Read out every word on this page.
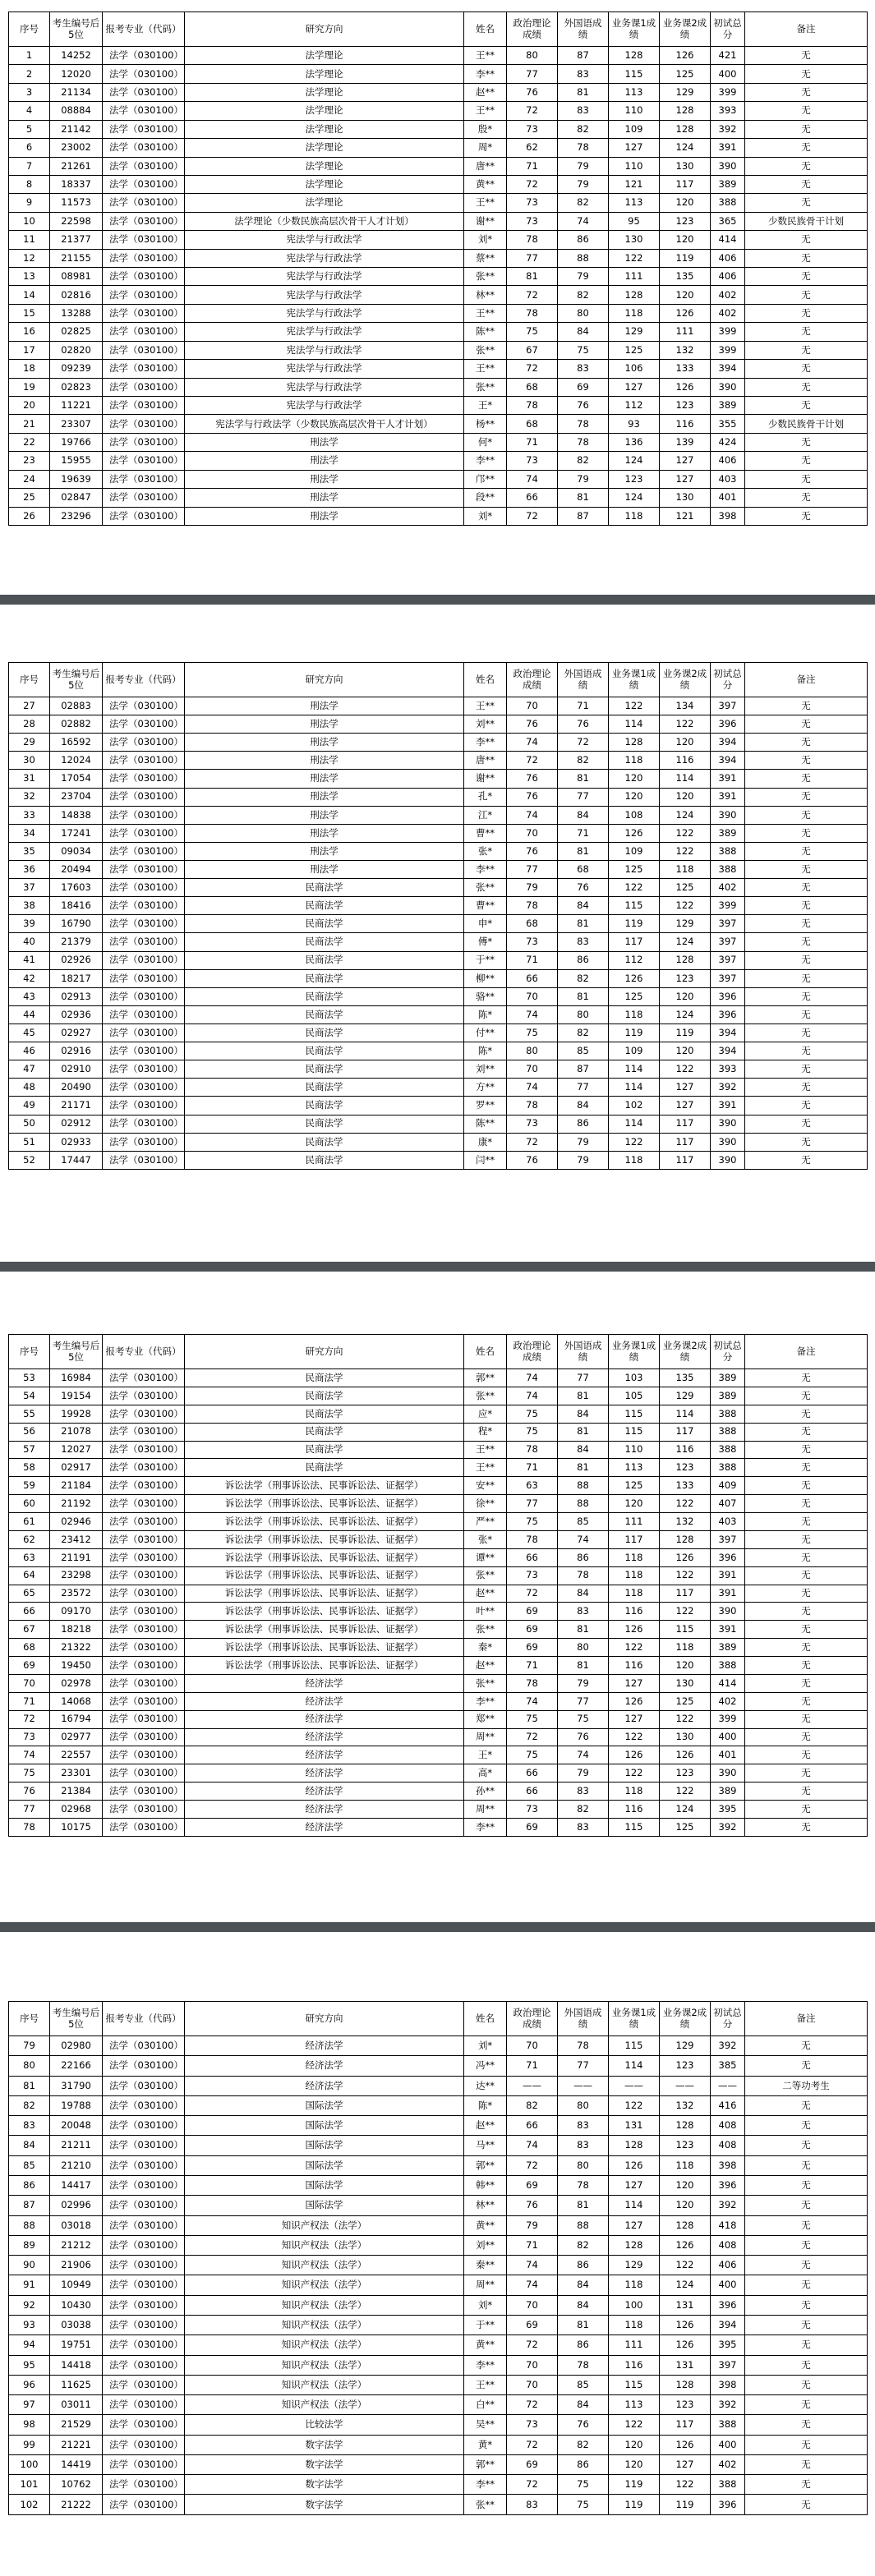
序号	考生编号后5位	报考专业（代码）	研究方向	姓名	政治理论成绩	外国语成绩	业务课1成绩	业务课2成绩	初试总分	备注
1	14252	法学（030100）	法学理论	王**	80	87	128	126	421	无
2	12020	法学（030100）	法学理论	李**	77	83	115	125	400	无
3	21134	法学（030100）	法学理论	赵**	76	81	113	129	399	无
4	08884	法学（030100）	法学理论	王**	72	83	110	128	393	无
5	21142	法学（030100）	法学理论	殷*	73	82	109	128	392	无
6	23002	法学（030100）	法学理论	周*	62	78	127	124	391	无
7	21261	法学（030100）	法学理论	唐**	71	79	110	130	390	无
8	18337	法学（030100）	法学理论	黄**	72	79	121	117	389	无
9	11573	法学（030100）	法学理论	王**	73	82	113	120	388	无
10	22598	法学（030100）	法学理论（少数民族高层次骨干人才计划）	谢**	73	74	95	123	365	少数民族骨干计划
11	21377	法学（030100）	宪法学与行政法学	刘*	78	86	130	120	414	无
12	21155	法学（030100）	宪法学与行政法学	蔡**	77	88	122	119	406	无
13	08981	法学（030100）	宪法学与行政法学	张**	81	79	111	135	406	无
14	02816	法学（030100）	宪法学与行政法学	林**	72	82	128	120	402	无
15	13288	法学（030100）	宪法学与行政法学	王**	78	80	118	126	402	无
16	02825	法学（030100）	宪法学与行政法学	陈**	75	84	129	111	399	无
17	02820	法学（030100）	宪法学与行政法学	张**	67	75	125	132	399	无
18	09239	法学（030100）	宪法学与行政法学	王**	72	83	106	133	394	无
19	02823	法学（030100）	宪法学与行政法学	张**	68	69	127	126	390	无
20	11221	法学（030100）	宪法学与行政法学	王*	78	76	112	123	389	无
21	23307	法学（030100）	宪法学与行政法学（少数民族高层次骨干人才计划）	杨**	68	78	93	116	355	少数民族骨干计划
22	19766	法学（030100）	刑法学	何*	71	78	136	139	424	无
23	15955	法学（030100）	刑法学	李**	73	82	124	127	406	无
24	19639	法学（030100）	刑法学	邝**	74	79	123	127	403	无
25	02847	法学（030100）	刑法学	段**	66	81	124	130	401	无
26	23296	法学（030100）	刑法学	刘*	72	87	118	121	398	无
序号	考生编号后5位	报考专业（代码）	研究方向	姓名	政治理论成绩	外国语成绩	业务课1成绩	业务课2成绩	初试总分	备注
27	02883	法学（030100）	刑法学	王**	70	71	122	134	397	无
28	02882	法学（030100）	刑法学	刘**	76	76	114	122	396	无
29	16592	法学（030100）	刑法学	李**	74	72	128	120	394	无
30	12024	法学（030100）	刑法学	唐**	72	82	118	116	394	无
31	17054	法学（030100）	刑法学	谢**	76	81	120	114	391	无
32	23704	法学（030100）	刑法学	孔*	76	77	120	120	391	无
33	14838	法学（030100）	刑法学	江*	74	84	108	124	390	无
34	17241	法学（030100）	刑法学	曹**	70	71	126	122	389	无
35	09034	法学（030100）	刑法学	张*	76	81	109	122	388	无
36	20494	法学（030100）	刑法学	李**	77	68	125	118	388	无
37	17603	法学（030100）	民商法学	张**	79	76	122	125	402	无
38	18416	法学（030100）	民商法学	曹**	78	84	115	122	399	无
39	16790	法学（030100）	民商法学	申*	68	81	119	129	397	无
40	21379	法学（030100）	民商法学	傅*	73	83	117	124	397	无
41	02926	法学（030100）	民商法学	于**	71	86	112	128	397	无
42	18217	法学（030100）	民商法学	柳**	66	82	126	123	397	无
43	02913	法学（030100）	民商法学	骆**	70	81	125	120	396	无
44	02936	法学（030100）	民商法学	陈*	74	80	118	124	396	无
45	02927	法学（030100）	民商法学	付**	75	82	119	119	394	无
46	02916	法学（030100）	民商法学	陈*	80	85	109	120	394	无
47	02910	法学（030100）	民商法学	刘**	70	87	114	122	393	无
48	20490	法学（030100）	民商法学	方**	74	77	114	127	392	无
49	21171	法学（030100）	民商法学	罗**	78	84	102	127	391	无
50	02912	法学（030100）	民商法学	陈**	73	86	114	117	390	无
51	02933	法学（030100）	民商法学	康*	72	79	122	117	390	无
52	17447	法学（030100）	民商法学	闫**	76	79	118	117	390	无
序号	考生编号后5位	报考专业（代码）	研究方向	姓名	政治理论成绩	外国语成绩	业务课1成绩	业务课2成绩	初试总分	备注
53	16984	法学（030100）	民商法学	郭**	74	77	103	135	389	无
54	19154	法学（030100）	民商法学	张**	74	81	105	129	389	无
55	19928	法学（030100）	民商法学	应*	75	84	115	114	388	无
56	21078	法学（030100）	民商法学	程*	75	81	115	117	388	无
57	12027	法学（030100）	民商法学	王**	78	84	110	116	388	无
58	02917	法学（030100）	民商法学	王**	71	81	113	123	388	无
59	21184	法学（030100）	诉讼法学（刑事诉讼法、民事诉讼法、证据学）	安**	63	88	125	133	409	无
60	21192	法学（030100）	诉讼法学（刑事诉讼法、民事诉讼法、证据学）	徐**	77	88	120	122	407	无
61	02946	法学（030100）	诉讼法学（刑事诉讼法、民事诉讼法、证据学）	严**	75	85	111	132	403	无
62	23412	法学（030100）	诉讼法学（刑事诉讼法、民事诉讼法、证据学）	张*	78	74	117	128	397	无
63	21191	法学（030100）	诉讼法学（刑事诉讼法、民事诉讼法、证据学）	谭**	66	86	118	126	396	无
64	23298	法学（030100）	诉讼法学（刑事诉讼法、民事诉讼法、证据学）	张**	73	78	118	122	391	无
65	23572	法学（030100）	诉讼法学（刑事诉讼法、民事诉讼法、证据学）	赵**	72	84	118	117	391	无
66	09170	法学（030100）	诉讼法学（刑事诉讼法、民事诉讼法、证据学）	叶**	69	83	116	122	390	无
67	18218	法学（030100）	诉讼法学（刑事诉讼法、民事诉讼法、证据学）	张**	69	81	126	115	391	无
68	21322	法学（030100）	诉讼法学（刑事诉讼法、民事诉讼法、证据学）	秦*	69	80	122	118	389	无
69	19450	法学（030100）	诉讼法学（刑事诉讼法、民事诉讼法、证据学）	赵**	71	81	116	120	388	无
70	02978	法学（030100）	经济法学	张**	78	79	127	130	414	无
71	14068	法学（030100）	经济法学	李**	74	77	126	125	402	无
72	16794	法学（030100）	经济法学	郑**	75	75	127	122	399	无
73	02977	法学（030100）	经济法学	周**	72	76	122	130	400	无
74	22557	法学（030100）	经济法学	王*	75	74	126	126	401	无
75	23301	法学（030100）	经济法学	高*	66	79	122	123	390	无
76	21384	法学（030100）	经济法学	孙**	66	83	118	122	389	无
77	02968	法学（030100）	经济法学	周**	73	82	116	124	395	无
78	10175	法学（030100）	经济法学	李**	69	83	115	125	392	无
序号	考生编号后5位	报考专业（代码）	研究方向	姓名	政治理论成绩	外国语成绩	业务课1成绩	业务课2成绩	初试总分	备注
79	02980	法学（030100）	经济法学	刘*	70	78	115	129	392	无
80	22166	法学（030100）	经济法学	冯**	71	77	114	123	385	无
81	31790	法学（030100）	经济法学	达**	——	——	——	——	——	二等功考生
82	19788	法学（030100）	国际法学	陈*	82	80	122	132	416	无
83	20048	法学（030100）	国际法学	赵**	66	83	131	128	408	无
84	21211	法学（030100）	国际法学	马**	74	83	128	123	408	无
85	21210	法学（030100）	国际法学	郭**	72	80	126	118	398	无
86	14417	法学（030100）	国际法学	韩**	69	78	127	120	396	无
87	02996	法学（030100）	国际法学	林**	76	81	114	120	392	无
88	03018	法学（030100）	知识产权法（法学）	黄**	79	88	127	128	418	无
89	21212	法学（030100）	知识产权法（法学）	刘**	71	82	128	126	408	无
90	21906	法学（030100）	知识产权法（法学）	秦**	74	86	129	122	406	无
91	10949	法学（030100）	知识产权法（法学）	周**	74	84	118	124	400	无
92	10430	法学（030100）	知识产权法（法学）	刘*	70	84	100	131	396	无
93	03038	法学（030100）	知识产权法（法学）	于**	69	81	118	126	394	无
94	19751	法学（030100）	知识产权法（法学）	黄**	72	86	111	126	395	无
95	14418	法学（030100）	知识产权法（法学）	李**	70	78	116	131	397	无
96	11625	法学（030100）	知识产权法（法学）	王**	70	85	115	128	398	无
97	03011	法学（030100）	知识产权法（法学）	白**	72	84	113	123	392	无
98	21529	法学（030100）	比较法学	吴**	73	76	122	117	388	无
99	21221	法学（030100）	数字法学	黄*	72	82	120	126	400	无
100	14419	法学（030100）	数字法学	郭**	69	86	120	127	402	无
101	10762	法学（030100）	数字法学	李**	72	75	119	122	388	无
102	21222	法学（030100）	数字法学	张**	83	75	119	119	396	无
